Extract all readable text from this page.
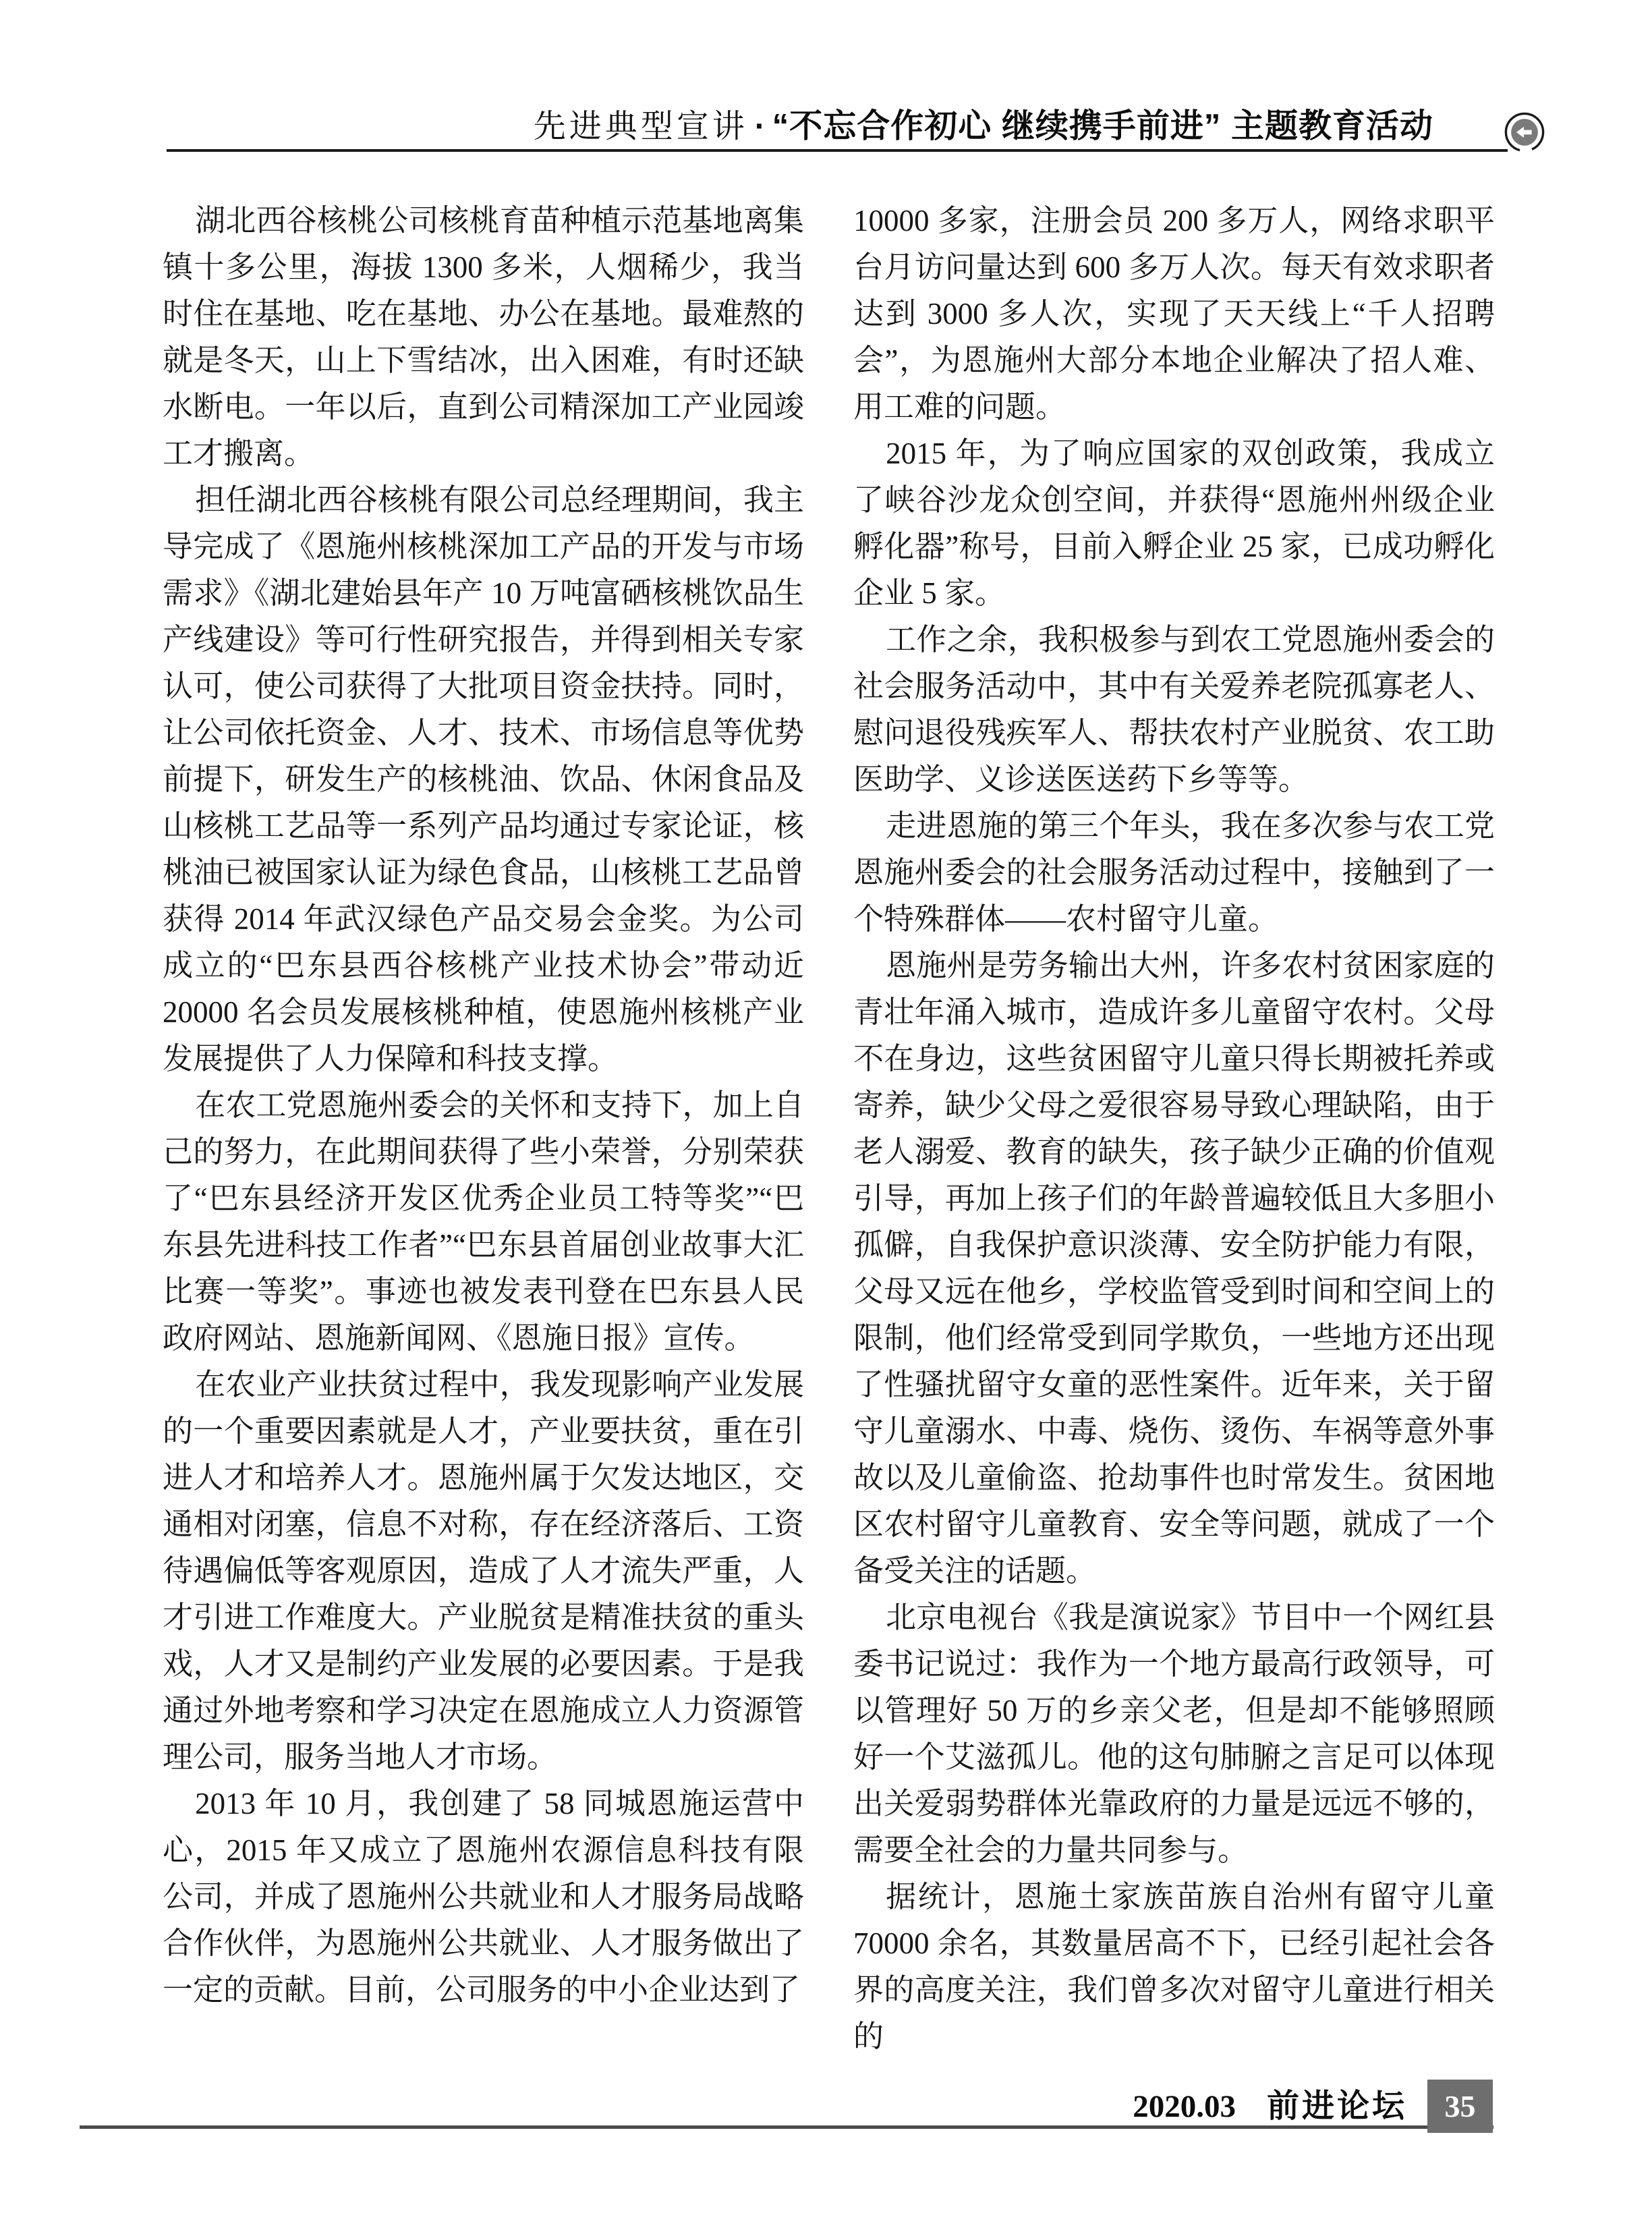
先进典型宣讲 · “不忘合作初心 继续携手前进” 主题教育活动

湖北西谷核桃公司核桃育苗种植示范基地离集镇十多公里，海拔 1300 多米，人烟稀少，我当时住在基地、吃在基地、办公在基地。最难熬的就是冬天，山上下雪结冰，出入困难，有时还缺水断电。一年以后，直到公司精深加工产业园竣工才搬离。

担任湖北西谷核桃有限公司总经理期间，我主导完成了《恩施州核桃深加工产品的开发与市场需求》《湖北建始县年产 10 万吨富硒核桃饮品生产线建设》等可行性研究报告，并得到相关专家认可，使公司获得了大批项目资金扶持。同时，让公司依托资金、人才、技术、市场信息等优势前提下，研发生产的核桃油、饮品、休闲食品及山核桃工艺品等一系列产品均通过专家论证，核桃油已被国家认证为绿色食品，山核桃工艺品曾获得 2014 年武汉绿色产品交易会金奖。为公司成立的“巴东县西谷核桃产业技术协会”带动近 20000 名会员发展核桃种植，使恩施州核桃产业发展提供了人力保障和科技支撑。

在农工党恩施州委会的关怀和支持下，加上自己的努力，在此期间获得了些小荣誉，分别荣获了“巴东县经济开发区优秀企业员工特等奖”“巴东县先进科技工作者”“巴东县首届创业故事大汇比赛一等奖”。事迹也被发表刊登在巴东县人民政府网站、恩施新闻网、《恩施日报》宣传。

在农业产业扶贫过程中，我发现影响产业发展的一个重要因素就是人才，产业要扶贫，重在引进人才和培养人才。恩施州属于欠发达地区，交通相对闭塞，信息不对称，存在经济落后、工资待遇偏低等客观原因，造成了人才流失严重，人才引进工作难度大。产业脱贫是精准扶贫的重头戏，人才又是制约产业发展的必要因素。于是我通过外地考察和学习决定在恩施成立人力资源管理公司，服务当地人才市场。

2013 年 10 月，我创建了 58 同城恩施运营中心，2015 年又成立了恩施州农源信息科技有限公司，并成了恩施州公共就业和人才服务局战略合作伙伴，为恩施州公共就业、人才服务做出了一定的贡献。目前，公司服务的中小企业达到了

10000 多家，注册会员 200 多万人，网络求职平台月访问量达到 600 多万人次。每天有效求职者达到 3000 多人次，实现了天天线上“千人招聘会”，为恩施州大部分本地企业解决了招人难、用工难的问题。

2015 年，为了响应国家的双创政策，我成立了峡谷沙龙众创空间，并获得“恩施州州级企业孵化器”称号，目前入孵企业 25 家，已成功孵化企业 5 家。

工作之余，我积极参与到农工党恩施州委会的社会服务活动中，其中有关爱养老院孤寡老人、慰问退役残疾军人、帮扶农村产业脱贫、农工助医助学、义诊送医送药下乡等等。

走进恩施的第三个年头，我在多次参与农工党恩施州委会的社会服务活动过程中，接触到了一个特殊群体——农村留守儿童。

恩施州是劳务输出大州，许多农村贫困家庭的青壮年涌入城市，造成许多儿童留守农村。父母不在身边，这些贫困留守儿童只得长期被托养或寄养，缺少父母之爱很容易导致心理缺陷，由于老人溺爱、教育的缺失，孩子缺少正确的价值观引导，再加上孩子们的年龄普遍较低且大多胆小孤僻，自我保护意识淡薄、安全防护能力有限，父母又远在他乡，学校监管受到时间和空间上的限制，他们经常受到同学欺负，一些地方还出现了性骚扰留守女童的恶性案件。近年来，关于留守儿童溺水、中毒、烧伤、烫伤、车祸等意外事故以及儿童偷盗、抢劫事件也时常发生。贫困地区农村留守儿童教育、安全等问题，就成了一个备受关注的话题。

北京电视台《我是演说家》节目中一个网红县委书记说过：我作为一个地方最高行政领导，可以管理好 50 万的乡亲父老，但是却不能够照顾好一个艾滋孤儿。他的这句肺腑之言足可以体现出关爱弱势群体光靠政府的力量是远远不够的，需要全社会的力量共同参与。

据统计，恩施土家族苗族自治州有留守儿童 70000 余名，其数量居高不下，已经引起社会各界的高度关注，我们曾多次对留守儿童进行相关的

2020.03 前进论坛	35
